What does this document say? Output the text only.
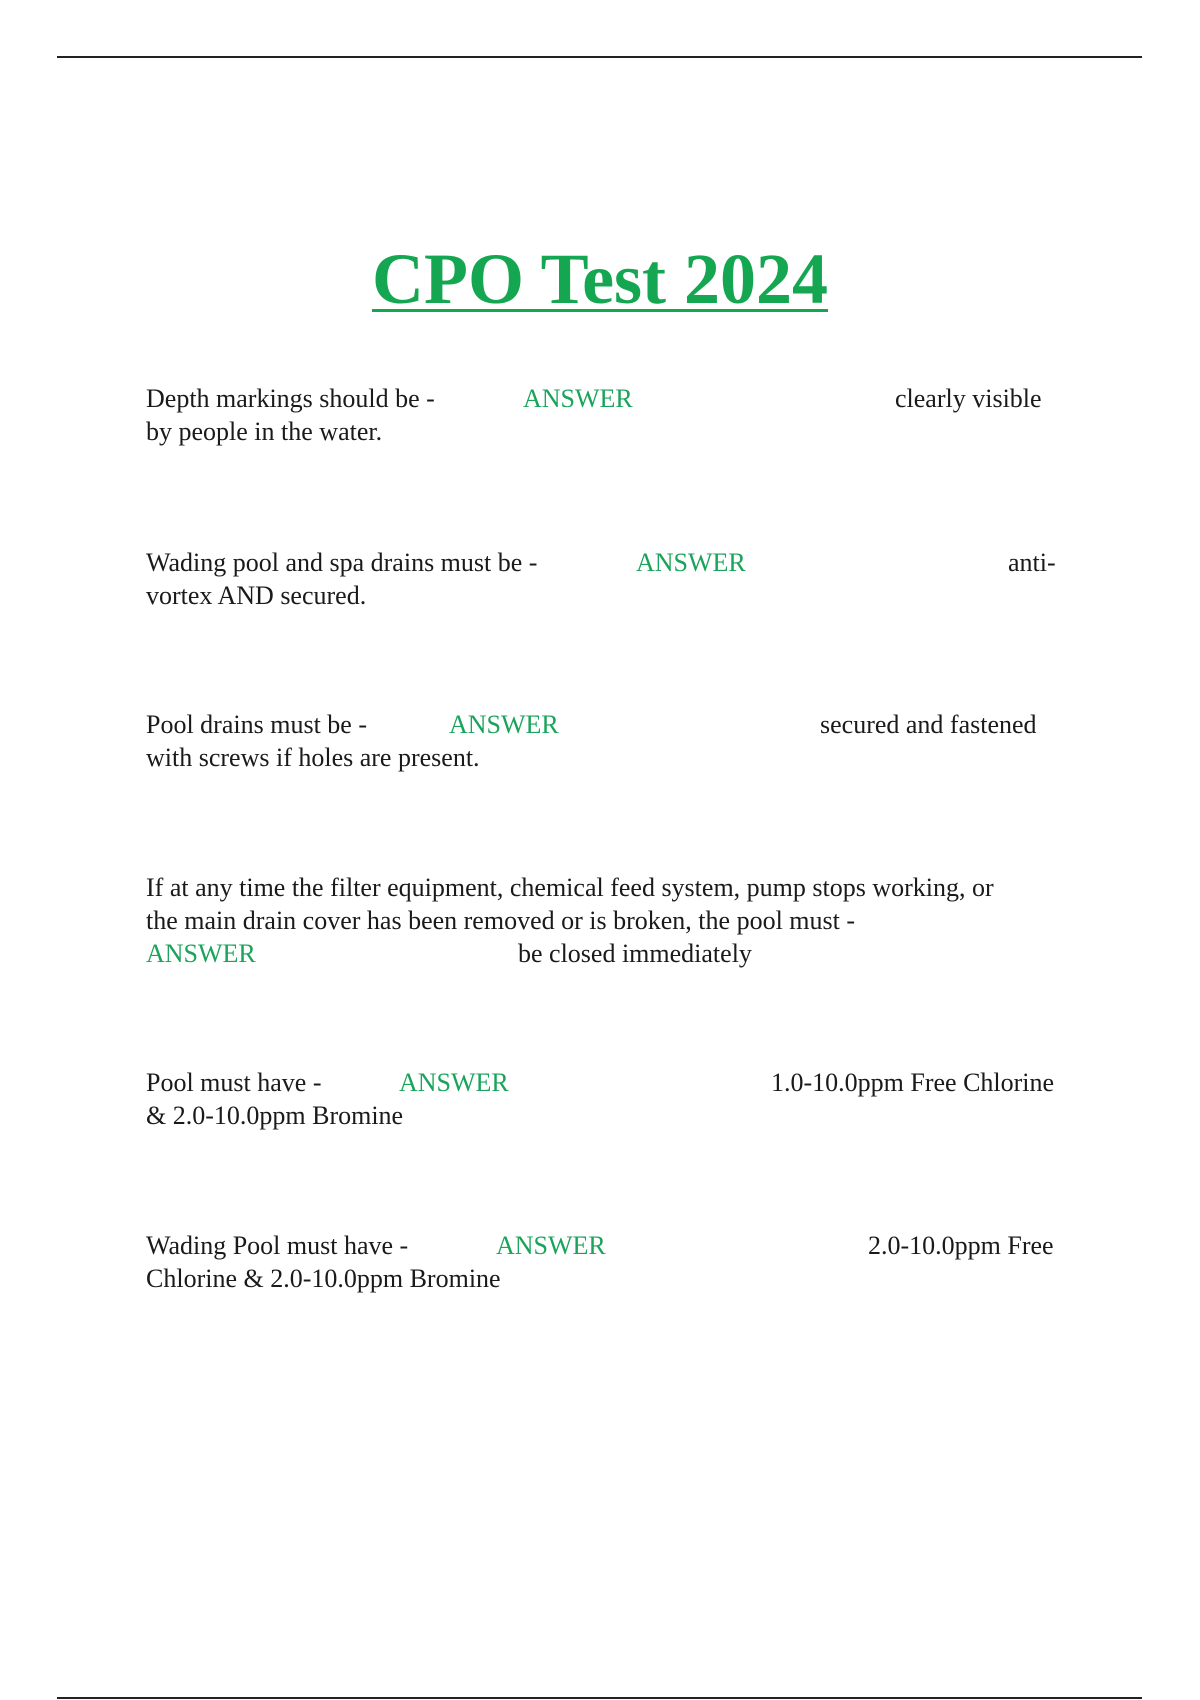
CPO Test 2024
Depth markings should be -	ANSWER	clearly visible
by people in the water.
Wading pool and spa drains must be -	ANSWER	anti-
vortex AND secured.
Pool drains must be -	ANSWER	secured and fastened
with screws if holes are present.
If at any time the filter equipment, chemical feed system, pump stops working, or
the main drain cover has been removed or is broken, the pool must -
ANSWER	be closed immediately
Pool must have -	ANSWER	1.0-10.0ppm Free Chlorine
& 2.0-10.0ppm Bromine
Wading Pool must have -	ANSWER	2.0-10.0ppm Free
Chlorine & 2.0-10.0ppm Bromine
